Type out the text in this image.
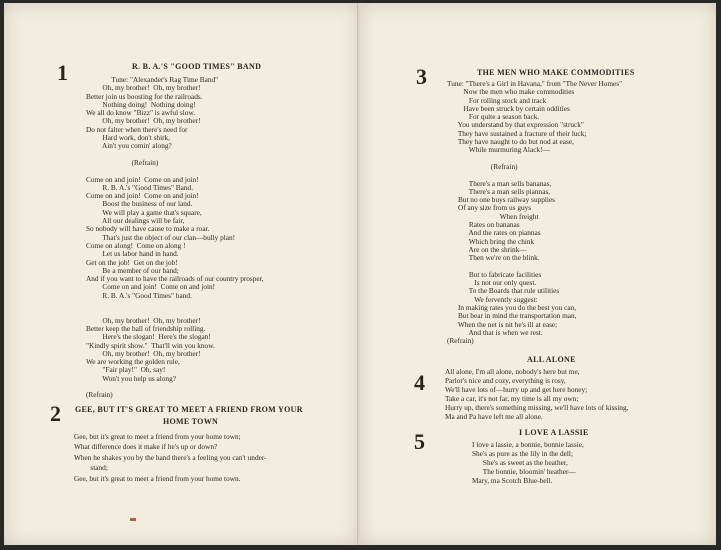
1	R. B. A.'S "GOOD TIMES" BAND
Tune: "Alexander's Rag Time Band"
Oh, my brother!  Oh, my brother!
Better join us boosting for the railroads.
Nothing doing!  Nothing doing!
We all do know "Bizz" is awful slow.
Oh, my brother!  Oh, my brother!
Do not falter when there's need for
Hard work, don't shirk,
Ain't you comin' along?

(Refrain)

Come on and join!  Come on and join!
R. B. A.'s "Good Times" Band.
Come on and join!  Come on and join!
Boost the business of our land.
We will play a game that's square,
All our dealings will be fair,
So nobody will have cause to make a roar.
That's just the object of our clan—bully plan!
Come on along!  Come on along !
Let us labor hand in hand.
Get on the job!  Get on the job!
Be a member of our band;
And if you want to have the railroads of our country prosper,
Come on and join!  Come on and join!
R. B. A.'s "Good Times" band.

Oh, my brother!  Oh, my brother!
Better keep the ball of friendship rolling.
Here's the slogan!  Here's the slogan!
"Kindly spirit show."  That'll win you know.
Oh, my brother!  Oh, my brother!
We are working the golden rule,
"Fair play!"  Oh, say!
Won't you help us along?

(Refrain)
2 GEE, BUT IT'S GREAT TO MEET A FRIEND FROM YOUR
HOME TOWN
Gee, but it's great to meet a friend from your home town;
What difference does it make if he's up or down?
When he shakes you by the hand there's a feeling you can't under-
stand;
Gee, but it's great to meet a friend from your home town.
3	THE MEN WHO MAKE COMMODITIES
Tune: "There's a Girl in Havana," from "The Never Homes"
Now the men who make commodities
For rolling stock and track
Have been struck by certain oddities
For quite a season back.
You understand by that expression "struck"
They have sustained a fracture of their luck;
They have naught to do but nod at ease,
While murmuring Alack!—

(Refrain)

There's a man sells bananas,
There's a man sells piannas,
But no one buys railway supplies
Of any size from us guys
When freight
Rates on bananas
And the rates on piannas
Which bring the chink
Are on the shrink—
Then we're on the blink.

But to fabricate facilities
Is not our only quest.
To the Boards that rule utilities
We fervently suggest:
In making rates you do the best you can,
But bear in mind the transportation man,
When the net is nit he's ill at ease;
And that is when we rest.
(Refrain)
4
ALL ALONE
All alone, I'm all alone, nobody's here but me,
Parlor's nice and cozy, everything is rosy,
We'll have lots of—hurry up and get here honey;
Take a car, it's not far, my time is all my own;
Hurry up, there's something missing, we'll have lots of kissing,
Ma and Pa have left me all alone.
5	I LOVE A LASSIE
I love a lassie, a bonnie, bonnie lassie,
She's as pure as the lily in the dell;
She's as sweet as the heather,
The bonnie, bloomin' heather—
Mary, ma Scotch Blue-bell.
